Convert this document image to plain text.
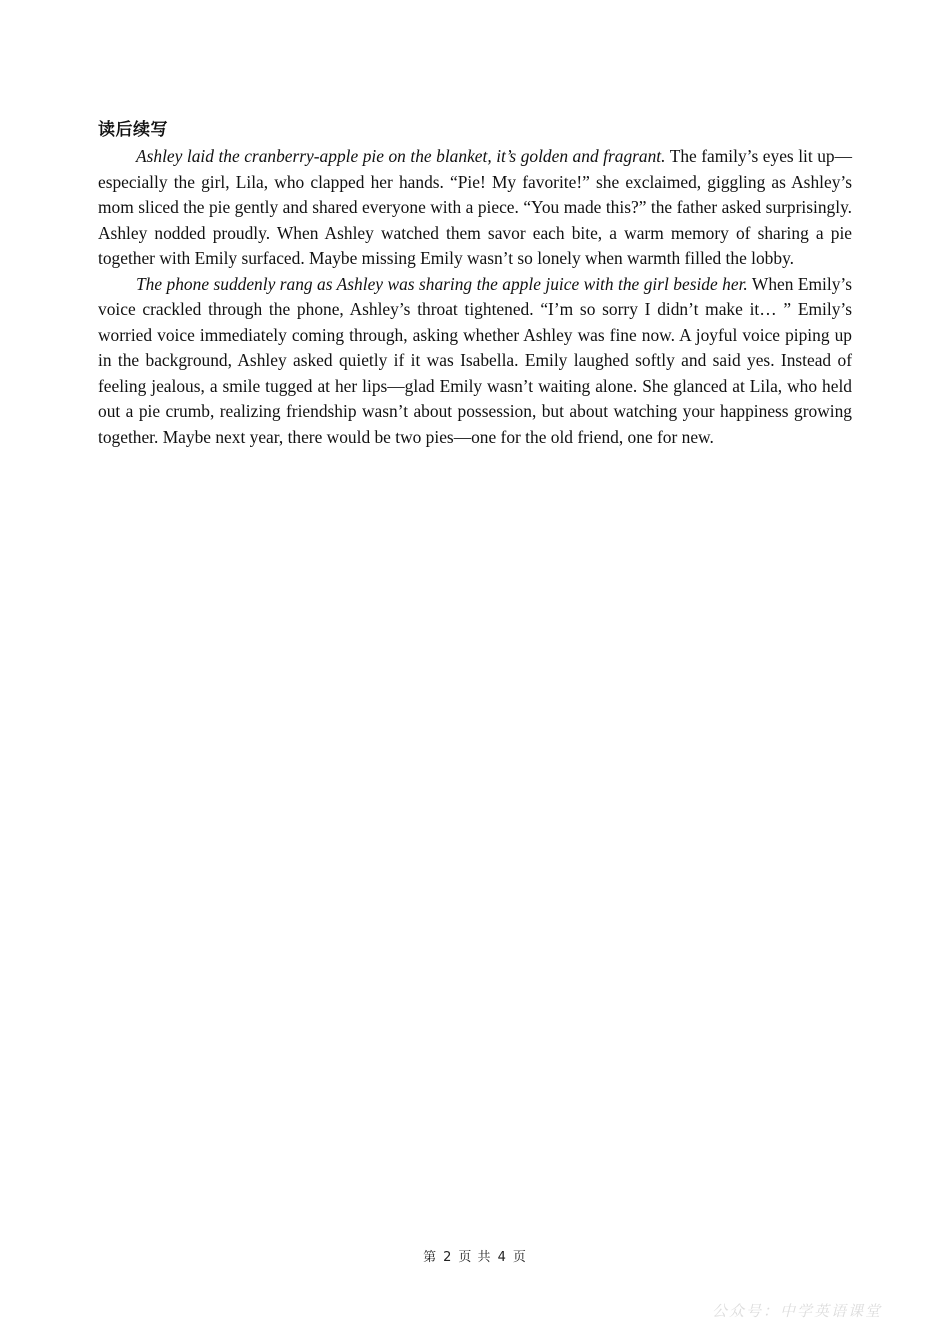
读后续写

Ashley laid the cranberry-apple pie on the blanket, it’s golden and fragrant. The family’s eyes lit up—especially the girl, Lila, who clapped her hands. “Pie! My favorite!” she exclaimed, giggling as Ashley’s mom sliced the pie gently and shared everyone with a piece. “You made this?” the father asked surprisingly. Ashley nodded proudly. When Ashley watched them savor each bite, a warm memory of sharing a pie together with Emily surfaced. Maybe missing Emily wasn’t so lonely when warmth filled the lobby.

The phone suddenly rang as Ashley was sharing the apple juice with the girl beside her. When Emily’s voice crackled through the phone, Ashley’s throat tightened. “I’m so sorry I didn’t make it… ” Emily’s worried voice immediately coming through, asking whether Ashley was fine now. A joyful voice piping up in the background, Ashley asked quietly if it was Isabella. Emily laughed softly and said yes. Instead of feeling jealous, a smile tugged at her lips—glad Emily wasn’t waiting alone. She glanced at Lila, who held out a pie crumb, realizing friendship wasn’t about possession, but about watching your happiness growing together. Maybe next year, there would be two pies—one for the old friend, one for new.

第 2 页 共 4 页
公众号：中学英语课堂
